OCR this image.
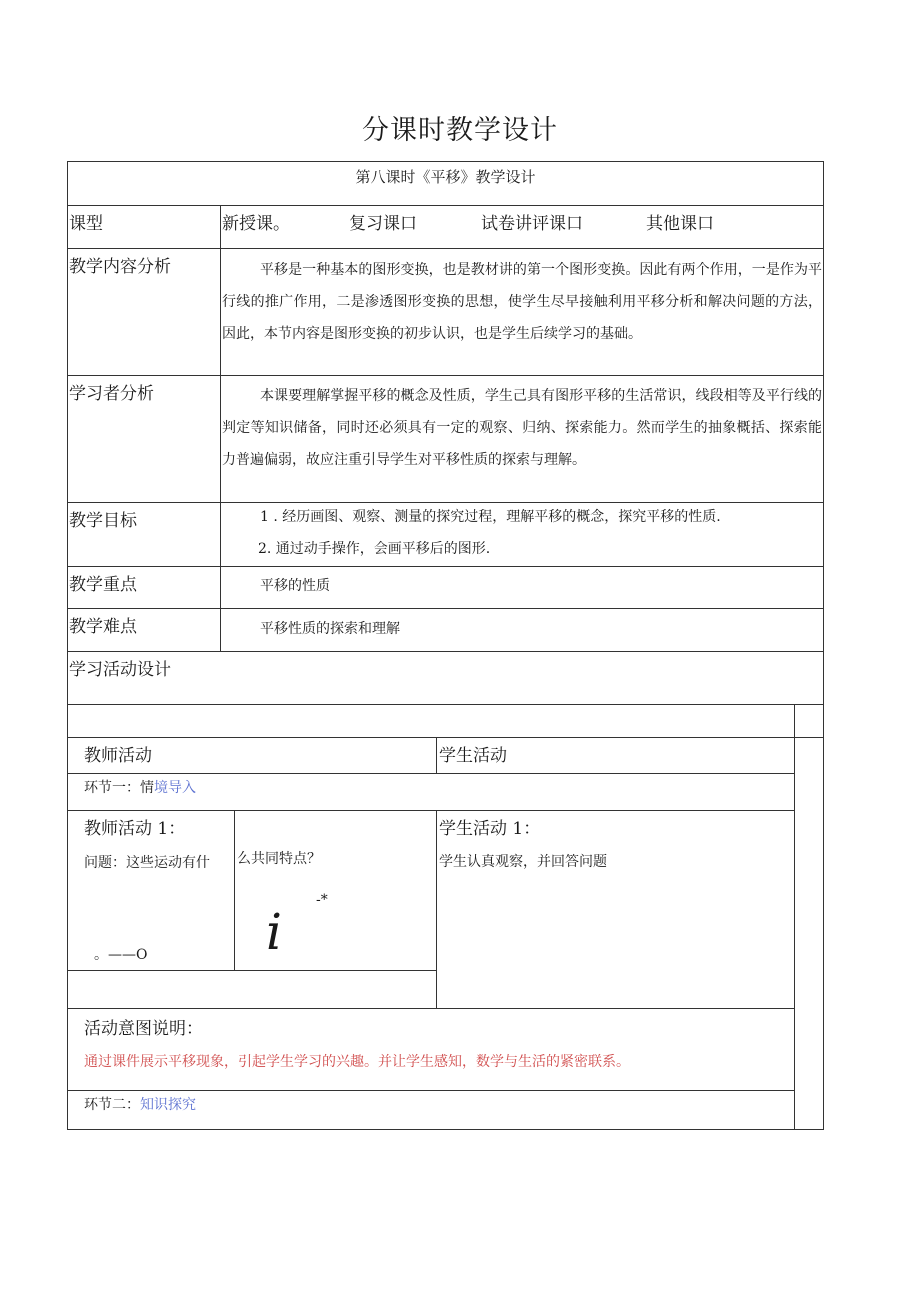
分课时教学设计
第八课时《平移》教学设计
课型	新授课。	复习课口	试卷讲评课口	其他课口
教学内容分析	平移是一种基本的图形变换，也是教材讲的第一个图形变换。因此有两个作用，一是作为平行线的推广作用，二是渗透图形变换的思想，使学生尽早接触利用平移分析和解决问题的方法，因此，本节内容是图形变换的初步认识，也是学生后续学习的基础。
学习者分析	本课要理解掌握平移的概念及性质，学生己具有图形平移的生活常识，线段相等及平行线的判定等知识储备，同时还必须具有一定的观察、归纳、探索能力。然而学生的抽象概括、探索能力普遍偏弱，故应注重引导学生对平移性质的探索与理解。
教学目标	1 . 经历画图、观察、测量的探究过程，理解平移的概念，探究平移的性质.
2. 通过动手操作，会画平移后的图形.
教学重点	平移的性质
教学难点	平移性质的探索和理解
学习活动设计
教师活动	学生活动
环节一：情境导入
教师活动 1：
问题：这些运动有什 么共同特点？
i
-*
。——O
学生活动 1：
学生认真观察，并回答问题
活动意图说明：
通过课件展示平移现象，引起学生学习的兴趣。并让学生感知，数学与生活的紧密联系。
环节二：知识探究
